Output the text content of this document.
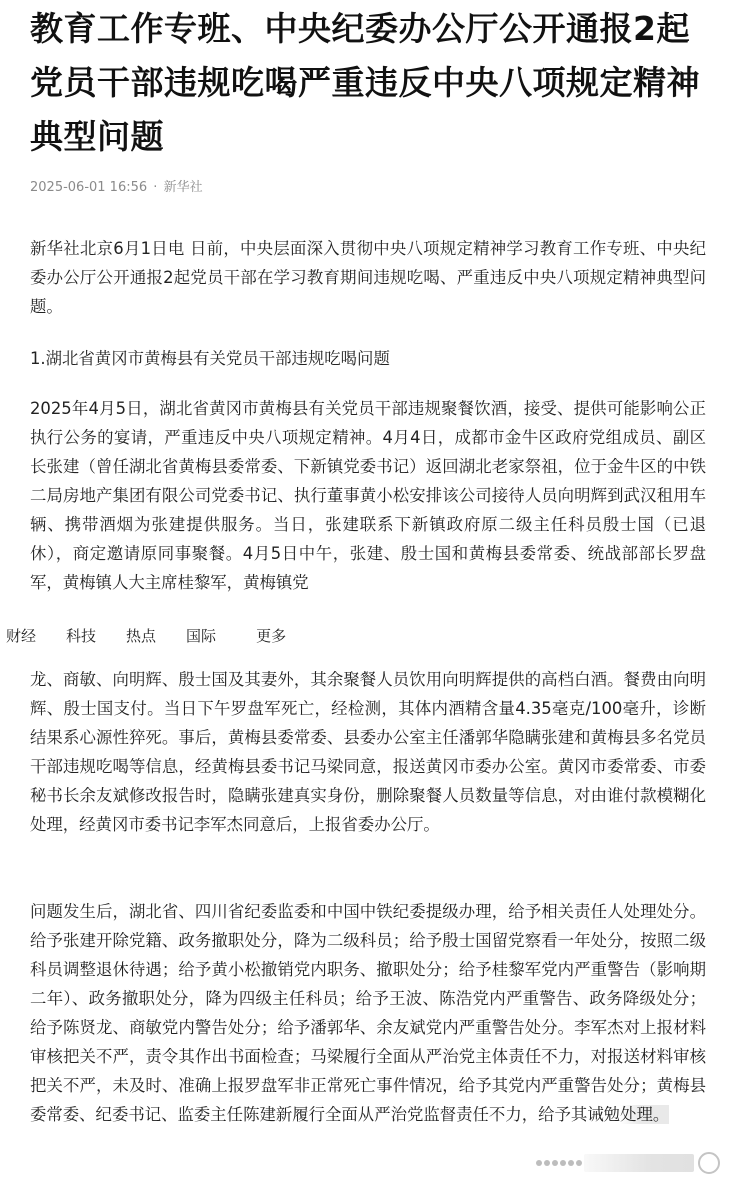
教育工作专班、中央纪委办公厅公开通报2起党员干部违规吃喝严重违反中央八项规定精神典型问题
2025-06-01 16:56 · 新华社

新华社北京6月1日电 日前，中央层面深入贯彻中央八项规定精神学习教育工作专班、中央纪委办公厅公开通报2起党员干部在学习教育期间违规吃喝、严重违反中央八项规定精神典型问题。

1.湖北省黄冈市黄梅县有关党员干部违规吃喝问题

2025年4月5日，湖北省黄冈市黄梅县有关党员干部违规聚餐饮酒，接受、提供可能影响公正执行公务的宴请，严重违反中央八项规定精神。4月4日，成都市金牛区政府党组成员、副区长张建（曾任湖北省黄梅县委常委、下新镇党委书记）返回湖北老家祭祖，位于金牛区的中铁二局房地产集团有限公司党委书记、执行董事黄小松安排该公司接待人员向明辉到武汉租用车辆、携带酒烟为张建提供服务。当日，张建联系下新镇政府原二级主任科员殷士国（已退休），商定邀请原同事聚餐。4月5日中午，张建、殷士国和黄梅县委常委、统战部部长罗盘军，黄梅镇人大主席桂黎军，黄梅镇党

龙、商敏、向明辉、殷士国及其妻外，其余聚餐人员饮用向明辉提供的高档白酒。餐费由向明辉、殷士国支付。当日下午罗盘军死亡，经检测，其体内酒精含量4.35毫克/100毫升，诊断结果系心源性猝死。事后，黄梅县委常委、县委办公室主任潘郭华隐瞒张建和黄梅县多名党员干部违规吃喝等信息，经黄梅县委书记马梁同意，报送黄冈市委办公室。黄冈市委常委、市委秘书长余友斌修改报告时，隐瞒张建真实身份，删除聚餐人员数量等信息，对由谁付款模糊化处理，经黄冈市委书记李军杰同意后，上报省委办公厅。

问题发生后，湖北省、四川省纪委监委和中国中铁纪委提级办理，给予相关责任人处理处分。给予张建开除党籍、政务撤职处分，降为二级科员；给予殷士国留党察看一年处分，按照二级科员调整退休待遇；给予黄小松撤销党内职务、撤职处分；给予桂黎军党内严重警告（影响期二年）、政务撤职处分，降为四级主任科员；给予王波、陈浩党内严重警告、政务降级处分；给予陈贤龙、商敏党内警告处分；给予潘郭华、余友斌党内严重警告处分。李军杰对上报材料审核把关不严，责令其作出书面检查；马梁履行全面从严治党主体责任不力，对报送材料审核把关不严，未及时、准确上报罗盘军非正常死亡事件情况，给予其党内严重警告处分；黄梅县委常委、纪委书记、监委主任陈建新履行全面从严治党监督责任不力，给予其诫勉处理。

财经 科技 热点 国际	更多
